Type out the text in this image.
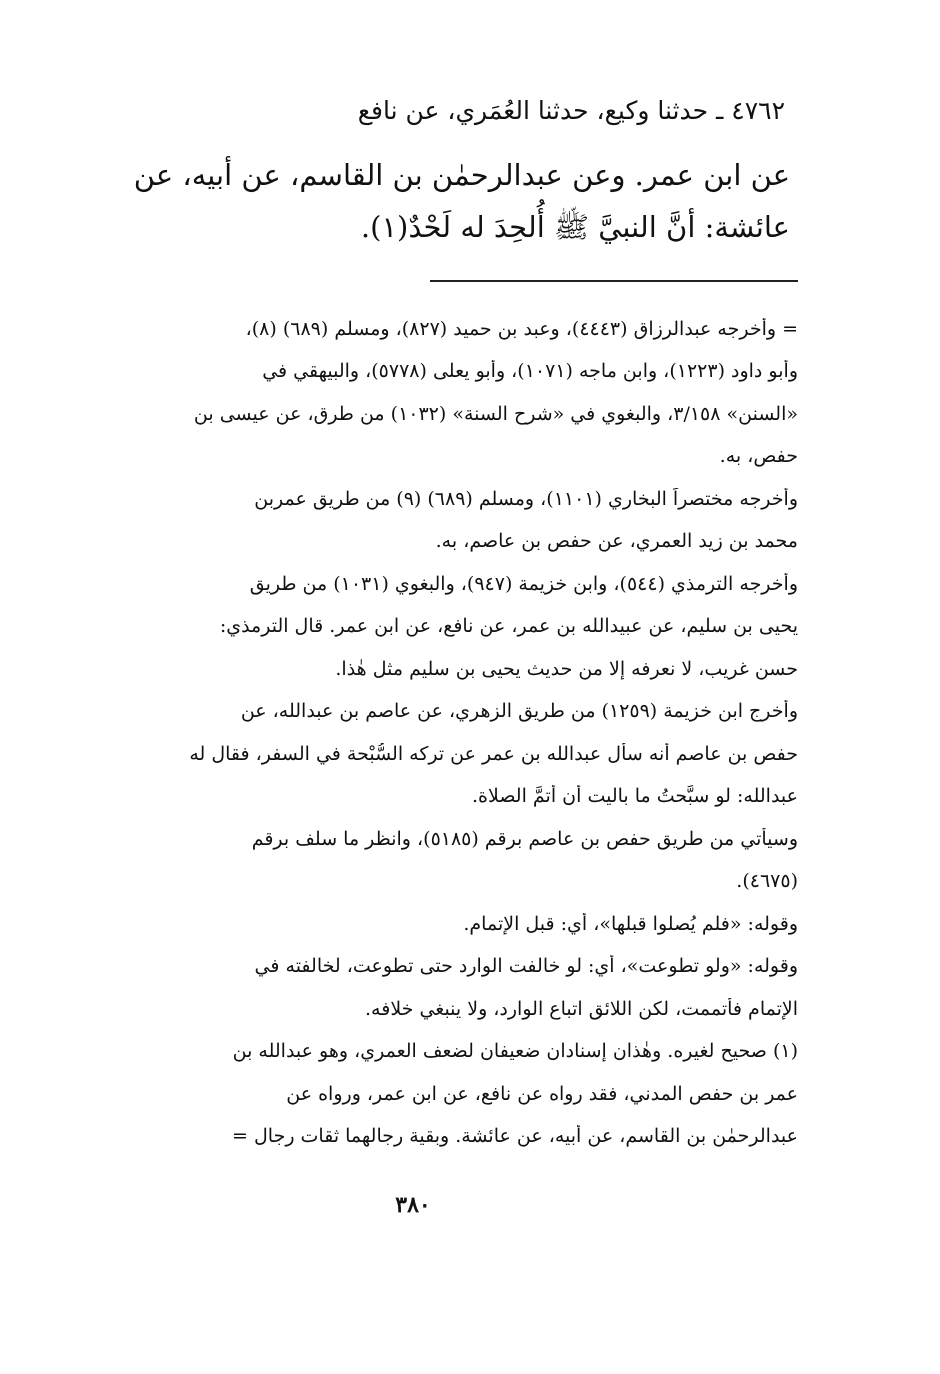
٤٧٦٢ ـ حدثنا وكيع، حدثنا العُمَري، عن نافع
عن ابن عمر. وعن عبدالرحمٰن بن القاسم، عن أبيه، عن
عائشة: أنَّ النبيَّ ﷺ أُلحِدَ له لَحْدٌ(١).
= وأخرجه عبدالرزاق (٤٤٤٣)، وعبد بن حميد (٨٢٧)، ومسلم (٦٨٩) (٨)،
وأبو داود (١٢٢٣)، وابن ماجه (١٠٧١)، وأبو يعلى (٥٧٧٨)، والبيهقي في
«السنن» ٣/١٥٨، والبغوي في «شرح السنة» (١٠٣٢) من طرق، عن عيسى بن
حفص، به.
وأخرجه مختصراً البخاري (١١٠١)، ومسلم (٦٨٩) (٩) من طريق عمربن
محمد بن زيد العمري، عن حفص بن عاصم، به.
وأخرجه الترمذي (٥٤٤)، وابن خزيمة (٩٤٧)، والبغوي (١٠٣١) من طريق
يحيى بن سليم، عن عبيدالله بن عمر، عن نافع، عن ابن عمر. قال الترمذي:
حسن غريب، لا نعرفه إلا من حديث يحيى بن سليم مثل هٰذا.
وأخرج ابن خزيمة (١٢٥٩) من طريق الزهري، عن عاصم بن عبدالله، عن
حفص بن عاصم أنه سأل عبدالله بن عمر عن تركه السُّبْحة في السفر، فقال له
عبدالله: لو سبَّحتُ ما باليت أن أُتمَّ الصلاة.
وسيأتي من طريق حفص بن عاصم برقم (٥١٨٥)، وانظر ما سلف برقم
(٤٦٧٥).
وقوله: «فلم يُصلوا قبلها»، أي: قبل الإتمام.
وقوله: «ولو تطوعت»، أي: لو خالفت الوارد حتى تطوعت، لخالفته في
الإتمام فأتممت، لكن اللائق اتباع الوارد، ولا ينبغي خلافه.
(١) صحيح لغيره. وهٰذان إسنادان ضعيفان لضعف العمري، وهو عبدالله بن
عمر بن حفص المدني، فقد رواه عن نافع، عن ابن عمر، ورواه عن
عبدالرحمٰن بن القاسم، عن أبيه، عن عائشة. وبقية رجالهما ثقات رجال =
٣٨٠
